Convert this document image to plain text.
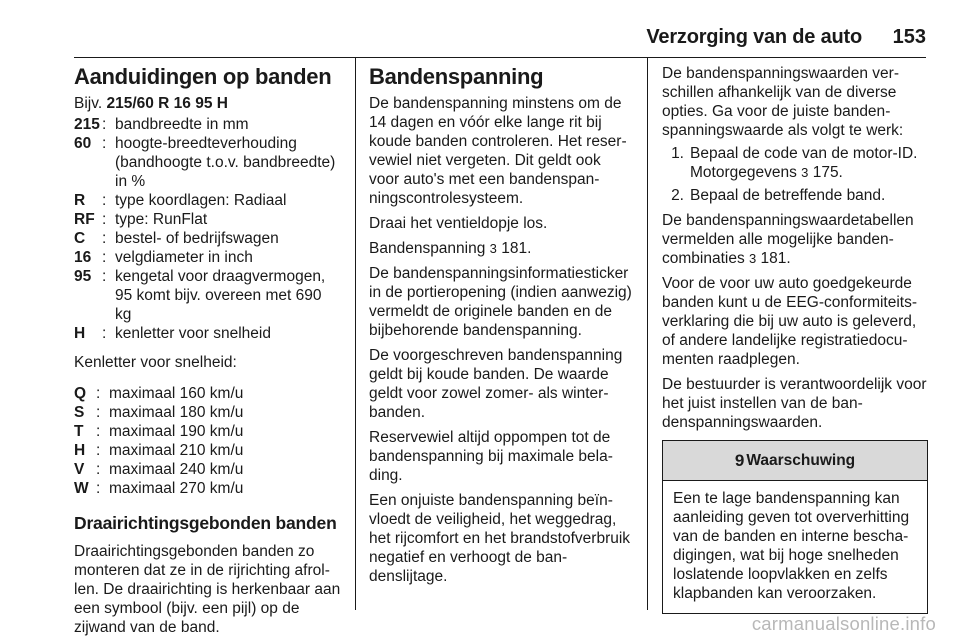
Verzorging van de auto 153
Aanduidingen op banden
Bijv. 215/60 R 16 95 H
215 : bandbreedte in mm
60 : hoogte-breedteverhouding (bandhoogte t.o.v. bandbreedte) in %
R	: type koordlagen: Radiaal
RF : type: RunFlat
C	: bestel- of bedrijfswagen
16 : velgdiameter in inch
95 : kengetal voor draagvermogen, 95 komt bijv. overeen met 690 kg
H	: kenletter voor snelheid

Kenletter voor snelheid:

Q : maximaal 160 km/u
S : maximaal 180 km/u
T : maximaal 190 km/u
H : maximaal 210 km/u
V : maximaal 240 km/u
W : maximaal 270 km/u
Draairichtingsgebonden banden

Draairichtingsgebonden banden zo monteren dat ze in de rijrichting afrollen. De draairichting is herkenbaar aan een symbool (bijv. een pijl) op de zijwand van de band.

Bandenspanning

De bandenspanning minstens om de 14 dagen en vóór elke lange rit bij koude banden controleren. Het reservewiel niet vergeten. Dit geldt ook voor auto's met een bandenspanningscontrolesysteem.

Draai het ventieldopje los.

Bandenspanning 3 181.

De bandenspanningsinformatiesticker in de portieropening (indien aanwezig) vermeldt de originele banden en de bijbehorende bandenspanning.

De voorgeschreven bandenspanning geldt bij koude banden. De waarde geldt voor zowel zomer- als winterbanden.

Reservewiel altijd oppompen tot de bandenspanning bij maximale belading.

Een onjuiste bandenspanning beïnvloedt de veiligheid, het weggedrag, het rijcomfort en het brandstofverbruik negatief en verhoogt de bandenslijtage.

De bandenspanningswaarden verschillen afhankelijk van de diverse opties. Ga voor de juiste bandenspanningswaarde als volgt te werk:

1. Bepaal de code van de motor-ID. Motorgegevens 3 175.
2. Bepaal de betreffende band.

De bandenspanningswaardetabellen vermelden alle mogelijke bandencombinaties 3 181.

Voor de voor uw auto goedgekeurde banden kunt u de EEG-conformiteitsverklaring die bij uw auto is geleverd, of andere landelijke registratiedocumenten raadplegen.

De bestuurder is verantwoordelijk voor het juist instellen van de bandenspanningswaarden.

9 Waarschuwing
Een te lage bandenspanning kan aanleiding geven tot oververhitting van de banden en interne beschadigingen, wat bij hoge snelheden loslatende loopvlakken en zelfs klapbanden kan veroorzaken.
carmanualsonline.info
